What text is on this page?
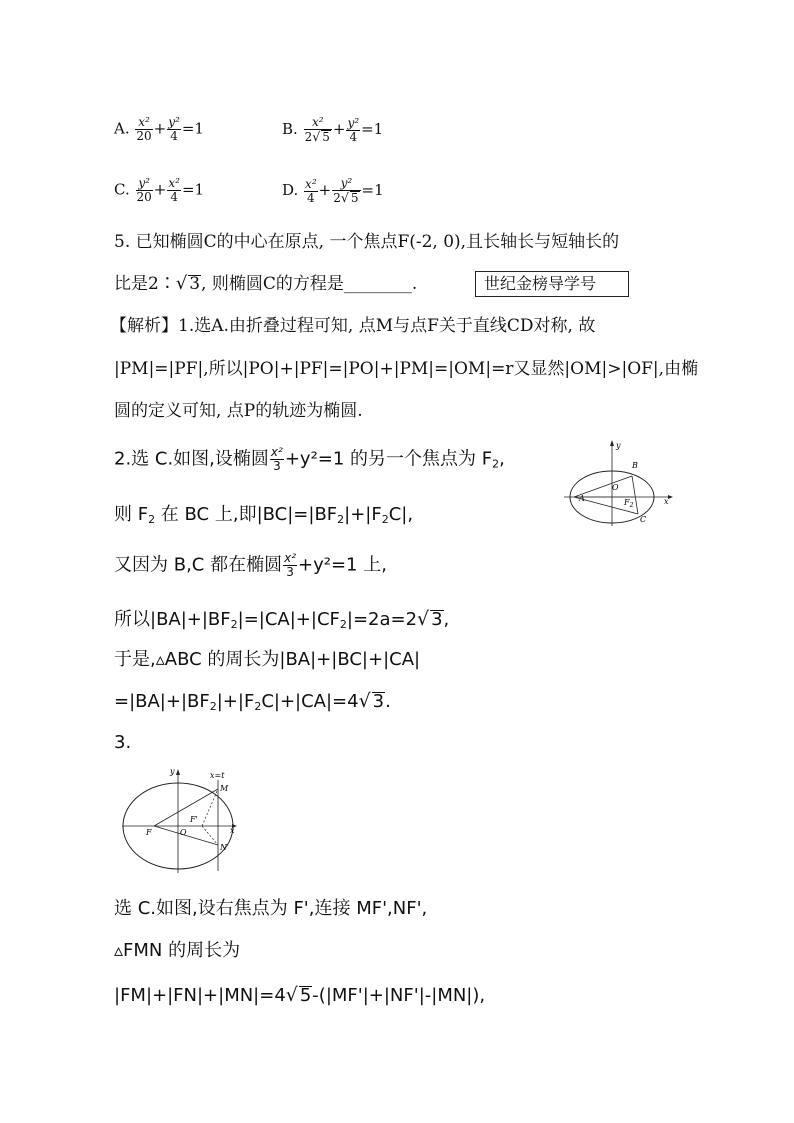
A. $\frac{\text{x²}}{20} + \frac{\text{y²}}{4} =1$	B. $\frac{\text{x²}}{2√ 5} + \frac{\text{y²}}{4} =1$
C. $\frac{\text{y²}}{20} + \frac{\text{x²}}{4} =1$	D. $\frac{\text{x²}}{4} + \frac{\text{y²}}{2√ 5} =1$
5. 已知椭圆C的中心在原点, 一个焦点F(-2, 0),且长轴长与短轴长的
比是2∶√ 3, 则椭圆C的方程是________.	世纪金榜导学号
【解析】1.选A.由折叠过程可知, 点M与点F关于直线CD对称, 故
|PM|=|PF|,所以|PO|+|PF|=|PO|+|PM|=|OM|=r又显然|OM|>|OF|,由椭
圆的定义可知, 点P的轨迹为椭圆.
2.选 C.如图,设椭圆 $\frac{\text{x²}}{3} +y^2=1$ 的另一个焦点为 $F_2$,
则 $F_2$ 在 BC 上,即$|BC|=|BF_2|+|F_2C|$,
又因为 B,C 都在椭圆 $\frac{\text{x²}}{3} +y^2=1$ 上,
所以$|BA|+|BF_2|=|CA|+|CF_2|=2a=2√$ 3,
于是,▵ABC 的周长为|BA|+|BC|+|CA|
$=|BA|+|BF_2|+|F_2C|+|CA|=4√$ 3.
A
B
O
$F_2$
C
y
x
3.
y	x=t
M
F	O
F'
x
N
选 C.如图,设右焦点为 F',连接 MF',NF',
▵FMN 的周长为
|FM|+|FN|+|MN|=4√ 5-(|MF'|+|NF'|-|MN|),
